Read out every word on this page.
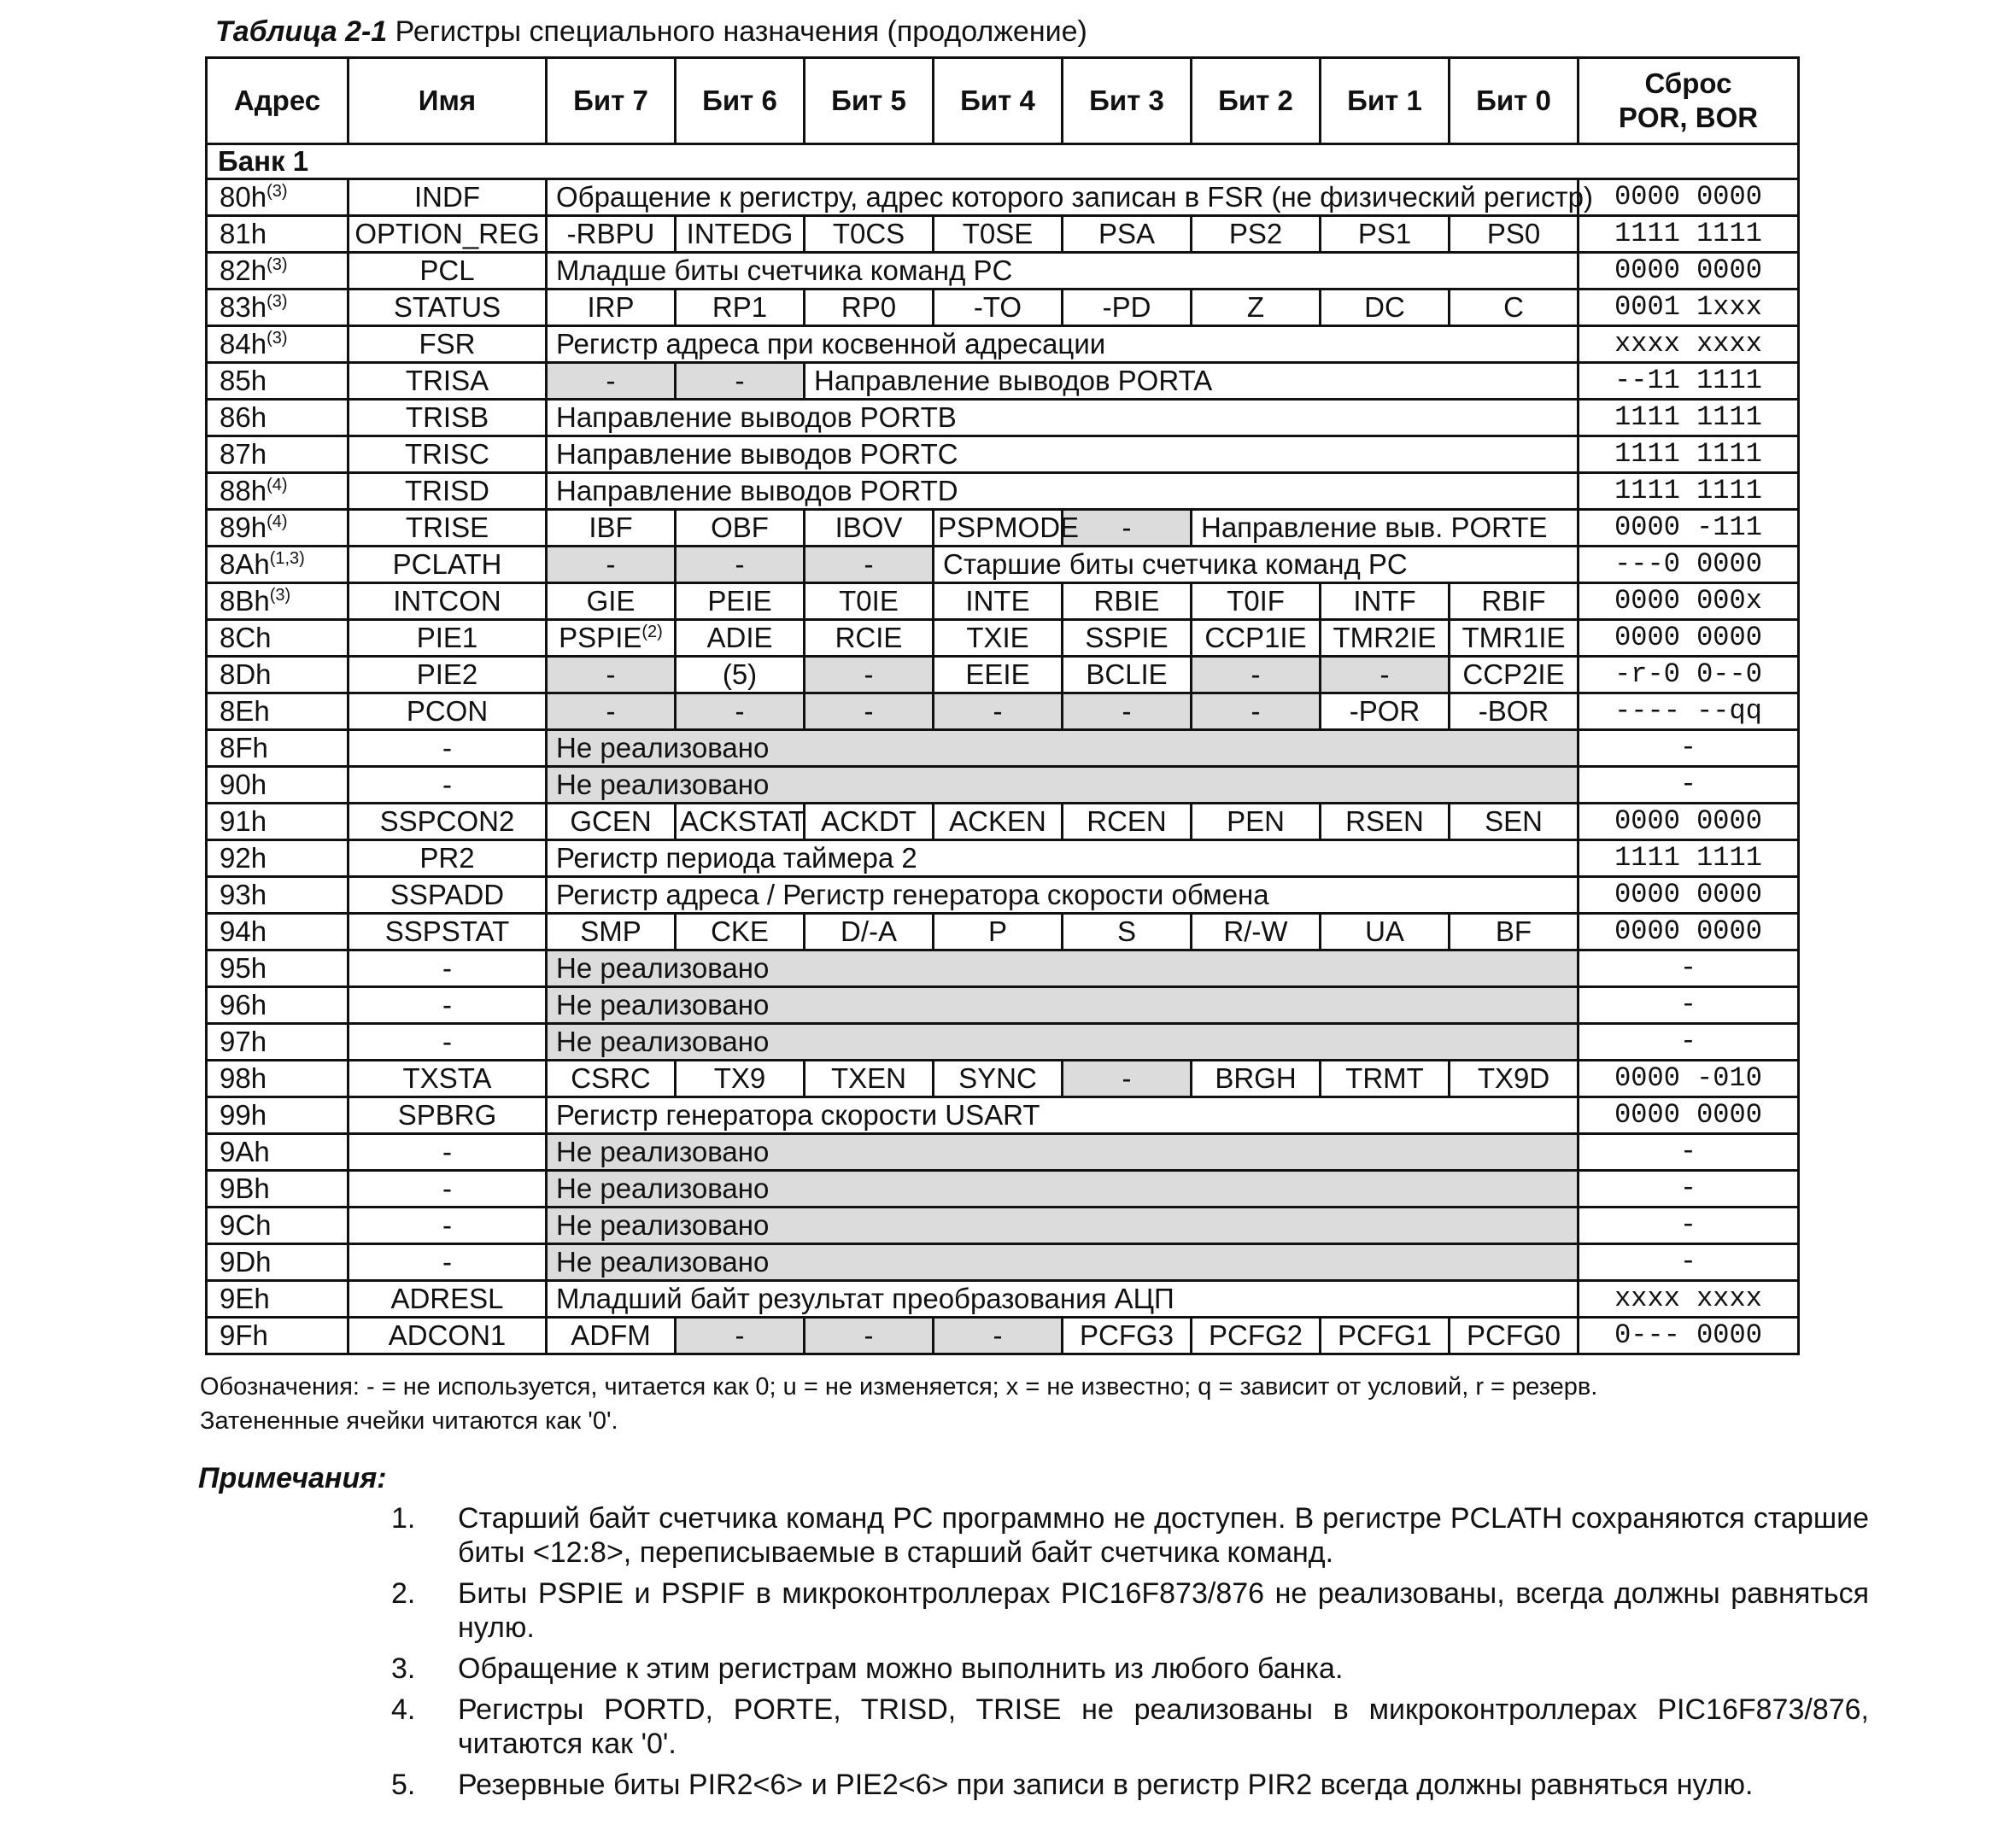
Таблица 2-1 Регистры специального назначения (продолжение)
Адрес	Имя	Бит 7	Бит 6	Бит 5	Бит 4	Бит 3	Бит 2	Бит 1	Бит 0	Сброс
POR, BOR

Банк 1										
$80h^{(3)}$	INDF	Обращение к регистру, адрес которого записан в FSR (не физический регистр)								0000 0000
81h	OPTION_REG	-RBPU	INTEDG	T0CS	T0SE	PSA	PS2	PS1	PS0	1111 1111
$82h^{(3)}$	PCL	Младше биты счетчика команд PC								0000 0000
$83h^{(3)}$	STATUS	IRP	RP1	RP0	-TO	-PD	Z	DC	C	0001 1xxx
$84h^{(3)}$	FSR	Регистр адреса при косвенной адресации								xxxx xxxx
85h	TRISA	-	-	Направление выводов PORTA						--11 1111
86h	TRISB	Направление выводов PORTB								1111 1111
87h	TRISC	Направление выводов PORTC								1111 1111
$88h^{(4)}$	TRISD	Направление выводов PORTD								1111 1111
$89h^{(4)}$	TRISE	IBF	OBF	IBOV	PSPMODE	-	Направление выв. PORTE			0000 -111
8Ah$^{(1,3)}$	PCLATH	-	-	-	Старшие биты счетчика команд PC					---0 0000
8Bh$^{(3)}$	INTCON	GIE	PEIE	T0IE	INTE	RBIE	T0IF	INTF	RBIF	0000 000x
8Ch	PIE1	PSPIE$^{(2)}$	ADIE	RCIE	TXIE	SSPIE	CCP1IE	TMR2IE	TMR1IE	0000 0000
8Dh	PIE2	-	(5)	-	EEIE	BCLIE	-	-	CCP2IE	-r-0 0--0
8Eh	PCON	-	-	-	-	-	-	-POR	-BOR	---- --qq
8Fh	-	Не реализовано								-
90h	-	Не реализовано								-
91h	SSPCON2	GCEN	ACKSTAT	ACKDT	ACKEN	RCEN	PEN	RSEN	SEN	0000 0000
92h	PR2	Регистр периода таймера 2								1111 1111
93h	SSPADD	Регистр адреса / Регистр генератора скорости обмена								0000 0000
94h	SSPSTAT	SMP	CKE	D/-A	P	S	R/-W	UA	BF	0000 0000
95h	-	Не реализовано								-
96h	-	Не реализовано								-
97h	-	Не реализовано								-
98h	TXSTA	CSRC	TX9	TXEN	SYNC	-	BRGH	TRMT	TX9D	0000 -010
99h	SPBRG	Регистр генератора скорости USART								0000 0000
9Ah	-	Не реализовано								-
9Bh	-	Не реализовано								-
9Ch	-	Не реализовано								-
9Dh	-	Не реализовано								-
9Eh	ADRESL	Младший байт результат преобразования АЦП								xxxx xxxx
9Fh	ADCON1	ADFM	-	-	-	PCFG3	PCFG2	PCFG1	PCFG0	0--- 0000
Обозначения: - = не используется, читается как 0; u = не изменяется; x = не известно; q = зависит от условий, r = резерв.
Затененные ячейки читаются как '0'.
Примечания:
1. Старший байт счетчика команд PC программно не доступен. В регистре PCLATH сохраняются старшие биты <12:8>, переписываемые в старший байт счетчика команд.
2. Биты PSPIE и PSPIF в микроконтроллерах PIC16F873/876 не реализованы, всегда должны равняться нулю.
3. Обращение к этим регистрам можно выполнить из любого банка.
4. Регистры PORTD, PORTE, TRISD, TRISE не реализованы в микроконтроллерах PIC16F873/876, читаются как '0'.
5. Резервные биты PIR2<6> и PIE2<6> при записи в регистр PIR2 всегда должны равняться нулю.
